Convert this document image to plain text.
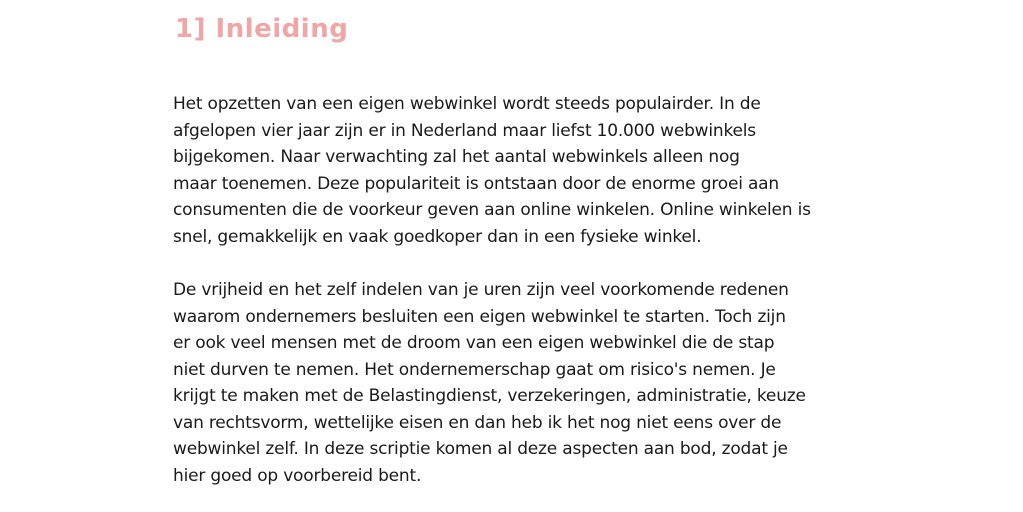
1] Inleiding

Het opzetten van een eigen webwinkel wordt steeds populairder. In de
afgelopen vier jaar zijn er in Nederland maar liefst 10.000 webwinkels
bijgekomen. Naar verwachting zal het aantal webwinkels alleen nog
maar toenemen. Deze populariteit is ontstaan door de enorme groei aan
consumenten die de voorkeur geven aan online winkelen. Online winkelen is
snel, gemakkelijk en vaak goedkoper dan in een fysieke winkel.

De vrijheid en het zelf indelen van je uren zijn veel voorkomende redenen
waarom ondernemers besluiten een eigen webwinkel te starten. Toch zijn
er ook veel mensen met de droom van een eigen webwinkel die de stap
niet durven te nemen. Het ondernemerschap gaat om risico's nemen. Je
krijgt te maken met de Belastingdienst, verzekeringen, administratie, keuze
van rechtsvorm, wettelijke eisen en dan heb ik het nog niet eens over de
webwinkel zelf. In deze scriptie komen al deze aspecten aan bod, zodat je
hier goed op voorbereid bent.
